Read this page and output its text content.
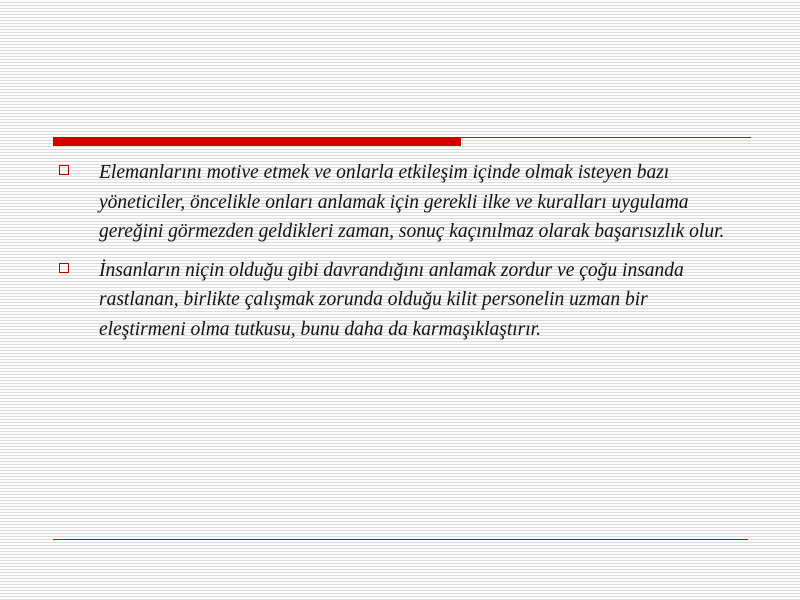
Elemanlarını motive etmek ve onlarla etkileşim içinde olmak isteyen bazı yöneticiler, öncelikle onları anlamak için gerekli ilke ve kuralları uygulama gereğini görmezden geldikleri zaman, sonuç kaçınılmaz olarak başarısızlık olur.
İnsanların niçin olduğu gibi davrandığını anlamak zordur ve çoğu insanda rastlanan, birlikte çalışmak zorunda olduğu kilit personelin uzman bir eleştirmeni olma tutkusu, bunu daha da karmaşıklaştırır.
